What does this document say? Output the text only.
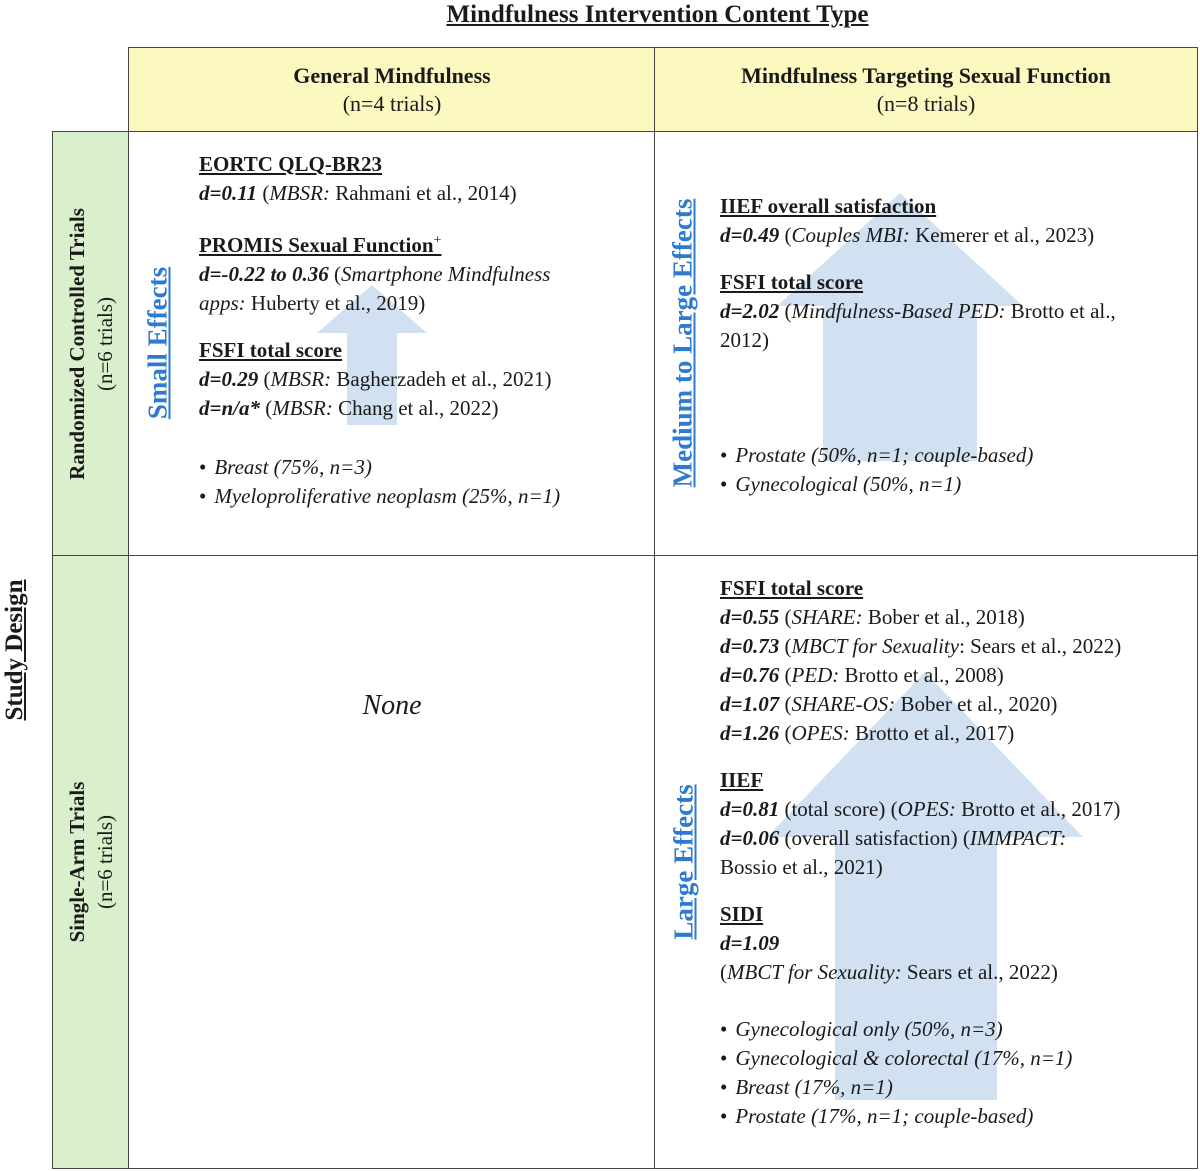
Mindfulness Intervention Content Type
Study Design
General Mindfulness
(n=4 trials)
Mindfulness Targeting Sexual Function
(n=8 trials)
Randomized Controlled Trials (n=6 trials)
Single-Arm Trials (n=6 trials)
Small Effects	Medium to Large Effects
Large Effects
EORTC QLQ-BR23
d=0.11 (MBSR: Rahmani et al., 2014)
PROMIS Sexual Function+
d=-0.22 to 0.36 (Smartphone Mindfulness
apps: Huberty et al., 2019)
FSFI total score
d=0.29 (MBSR: Bagherzadeh et al., 2021)
d=n/a* (MBSR: Chang et al., 2022)
• Breast (75%, n=3)
• Myeloproliferative neoplasm (25%, n=1)
IIEF overall satisfaction
d=0.49 (Couples MBI: Kemerer et al., 2023)
FSFI total score
d=2.02 (Mindfulness-Based PED: Brotto et al.,
2012)
• Prostate (50%, n=1; couple-based)
• Gynecological (50%, n=1)
FSFI total score
d=0.55 (SHARE: Bober et al., 2018)
d=0.73 (MBCT for Sexuality: Sears et al., 2022)
d=0.76 (PED: Brotto et al., 2008)
d=1.07 (SHARE-OS: Bober et al., 2020)
d=1.26 (OPES: Brotto et al., 2017)
IIEF
d=0.81 (total score) (OPES: Brotto et al., 2017)
d=0.06 (overall satisfaction) (IMMPACT:
Bossio et al., 2021)
SIDI
d=1.09
(MBCT for Sexuality: Sears et al., 2022)
• Gynecological only (50%, n=3)
• Gynecological & colorectal (17%, n=1)
• Breast (17%, n=1)
• Prostate (17%, n=1; couple-based)
None
